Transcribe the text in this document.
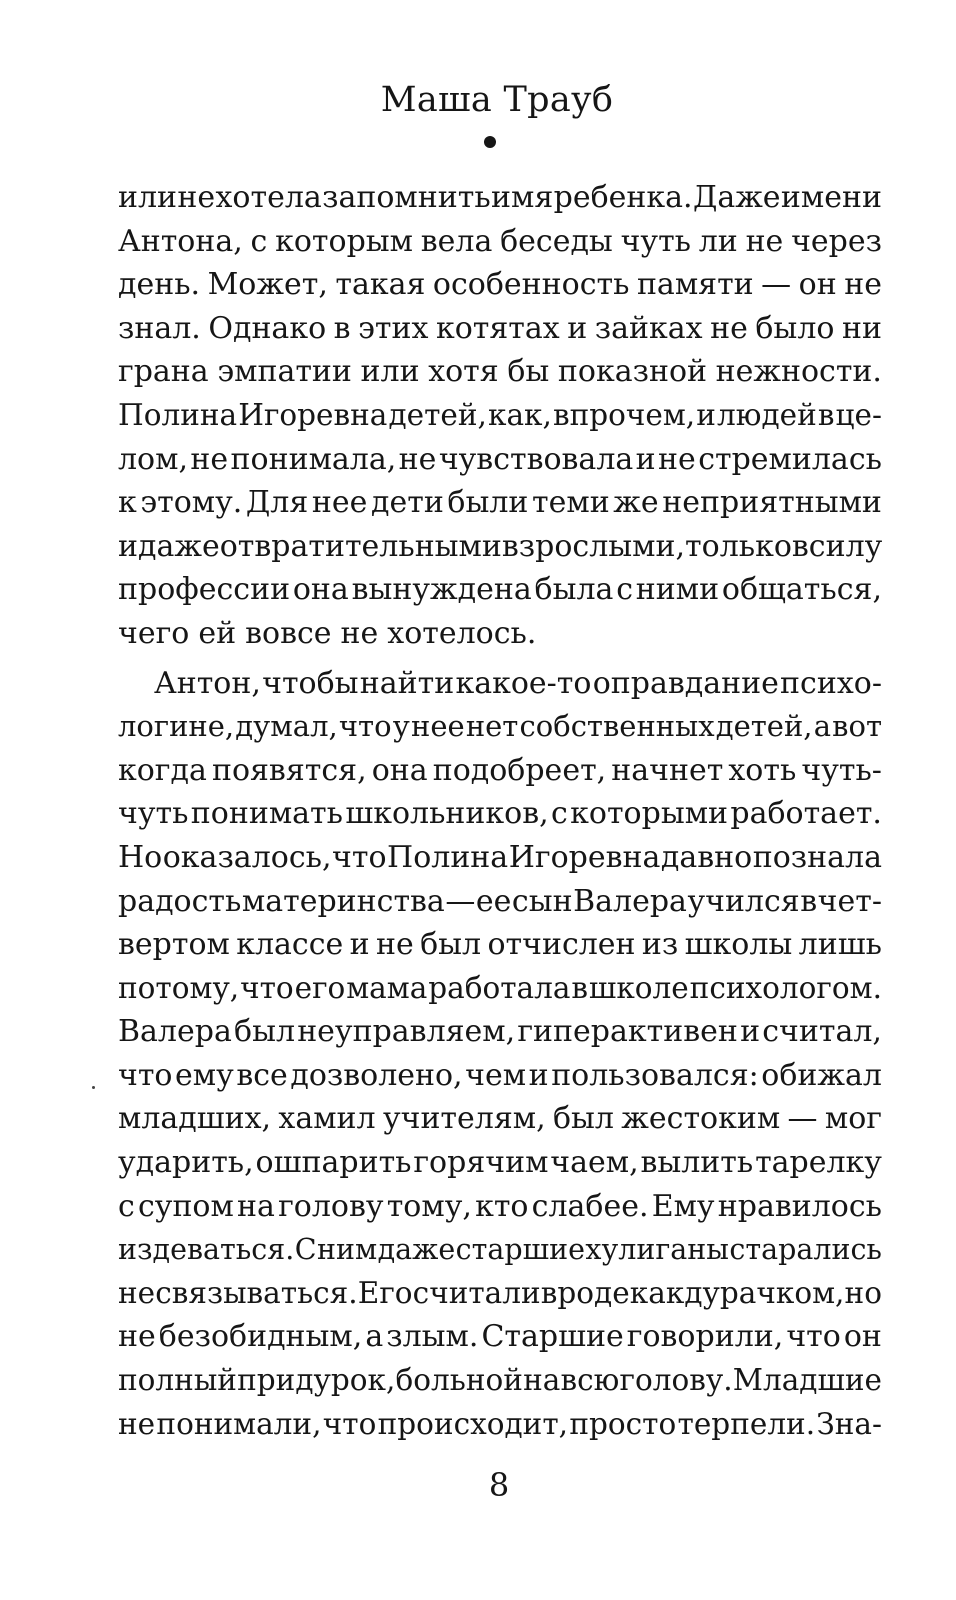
Маша Трауб
или не хотела запомнить имя ребенка. Даже имени
Антона, с которым вела беседы чуть ли не через
день. Может, такая особенность памяти — он не
знал. Однако в этих котятах и зайках не было ни
грана эмпатии или хотя бы показной нежности.
Полина Игоревна детей, как, впрочем, и людей в це-
лом, не понимала, не чувствовала и не стремилась
к этому. Для нее дети были теми же неприятными
и даже отвратительными взрослыми, только в силу
профессии она вынуждена была с ними общаться,
чего ей вовсе не хотелось.
Антон, чтобы найти какое-то оправдание психо-
логине, думал, что у нее нет собственных детей, а вот
когда появятся, она подобреет, начнет хоть чуть-
чуть понимать школьников, с которыми работает.
Но оказалось, что Полина Игоревна давно познала
радость материнства — ее сын Валера учился в чет-
вертом классе и не был отчислен из школы лишь
потому, что его мама работала в школе психологом.
Валера был неуправляем, гиперактивен и считал,
что ему все дозволено, чем и пользовался: обижал
младших, хамил учителям, был жестоким — мог
ударить, ошпарить горячим чаем, вылить тарелку
с супом на голову тому, кто слабее. Ему нравилось
издеваться. С ним даже старшие хулиганы старались
не связываться. Его считали вроде как дурачком, но
не безобидным, а злым. Старшие говорили, что он
полный придурок, больной на всю голову. Младшие
не понимали, что происходит, просто терпели. Зна-
8
